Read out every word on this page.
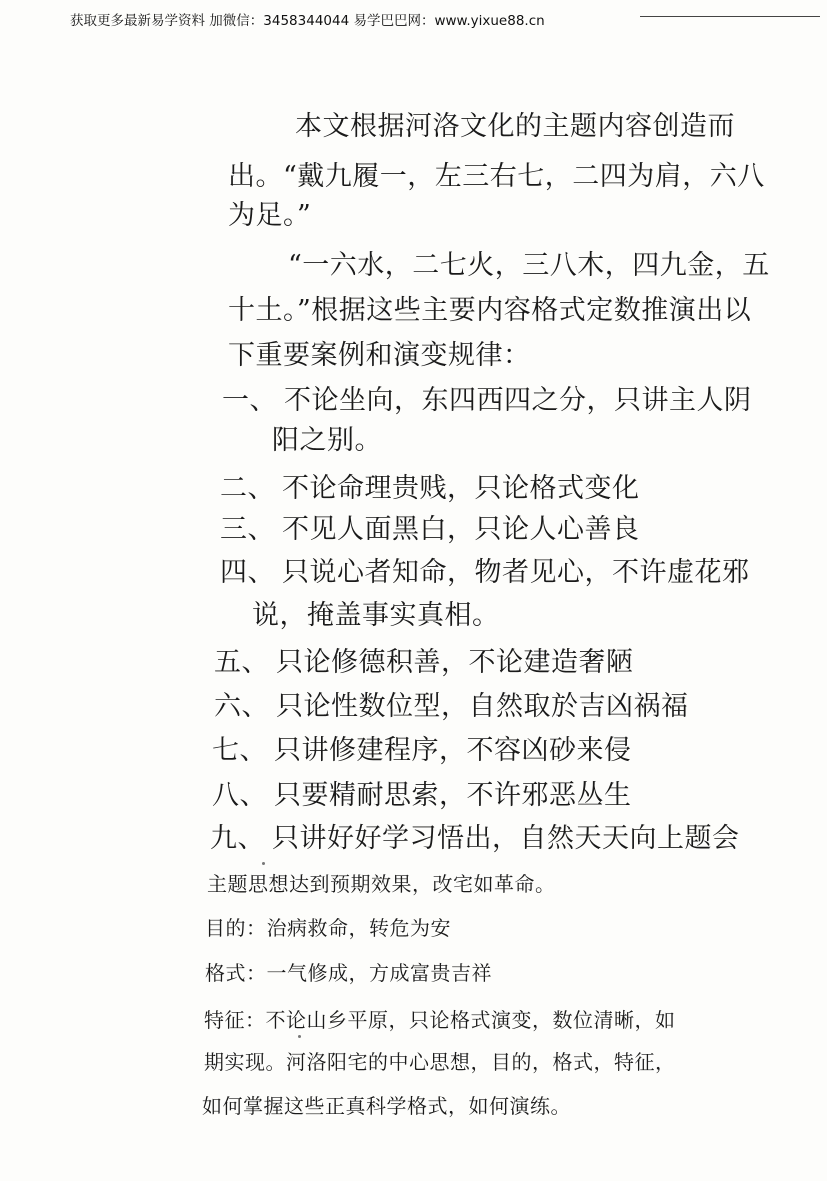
获取更多最新易学资料 加微信：3458344044 易学巴巴网：www.yixue88.cn
本文根据河洛文化的主题内容创造而
出。“戴九履一，左三右七，二四为肩，六八
为足。”
“一六水，二七火，三八木，四九金，五
十土。”根据这些主要内容格式定数推演出以
下重要案例和演变规律：
一、 不论坐向，东四西四之分，只讲主人阴
阳之别。
二、 不论命理贵贱，只论格式变化
三、 不见人面黑白，只论人心善良
四、 只说心者知命，物者见心，不许虚花邪
说，掩盖事实真相。
五、 只论修德积善，不论建造奢陋
六、 只论性数位型，自然取於吉凶祸福
七、 只讲修建程序，不容凶砂来侵
八、 只要精耐思索，不许邪恶丛生
九、 只讲好好学习悟出，自然天天向上题会
主题思想达到预期效果，改宅如革命。
目的：治病救命，转危为安
格式：一气修成，方成富贵吉祥
特征：不论山乡平原，只论格式演变，数位清晰，如
期实现。河洛阳宅的中心思想，目的，格式，特征，
如何掌握这些正真科学格式，如何演练。
